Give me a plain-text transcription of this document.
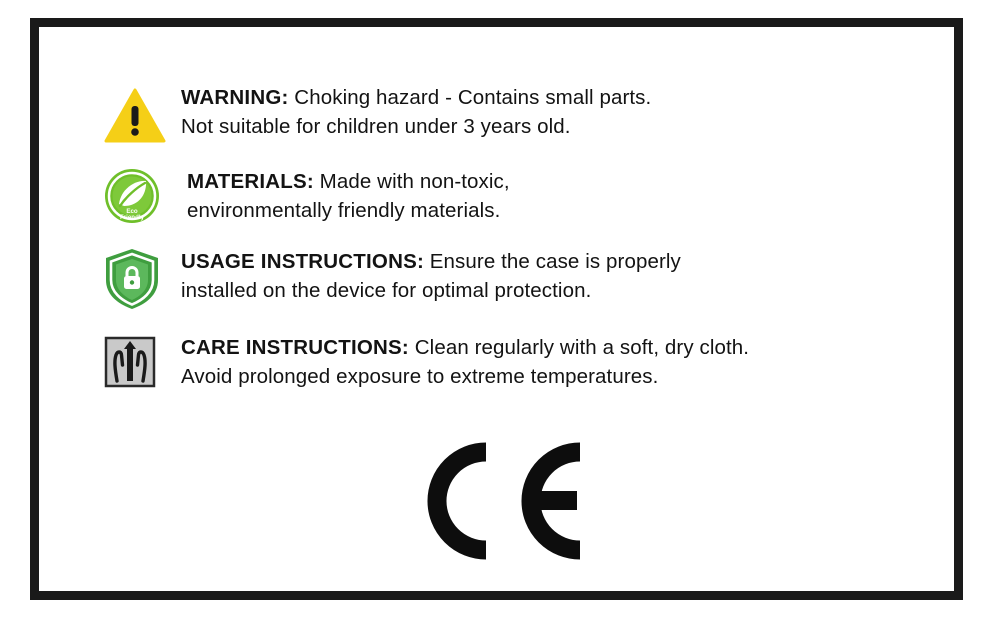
WARNING: Choking hazard - Contains small parts.
Not suitable for children under 3 years old.
Eco
Friendly
MATERIALS: Made with non-toxic,
environmentally friendly materials.
USAGE INSTRUCTIONS: Ensure the case is properly
installed on the device for optimal protection.
CARE INSTRUCTIONS: Clean regularly with a soft, dry cloth.
Avoid prolonged exposure to extreme temperatures.
